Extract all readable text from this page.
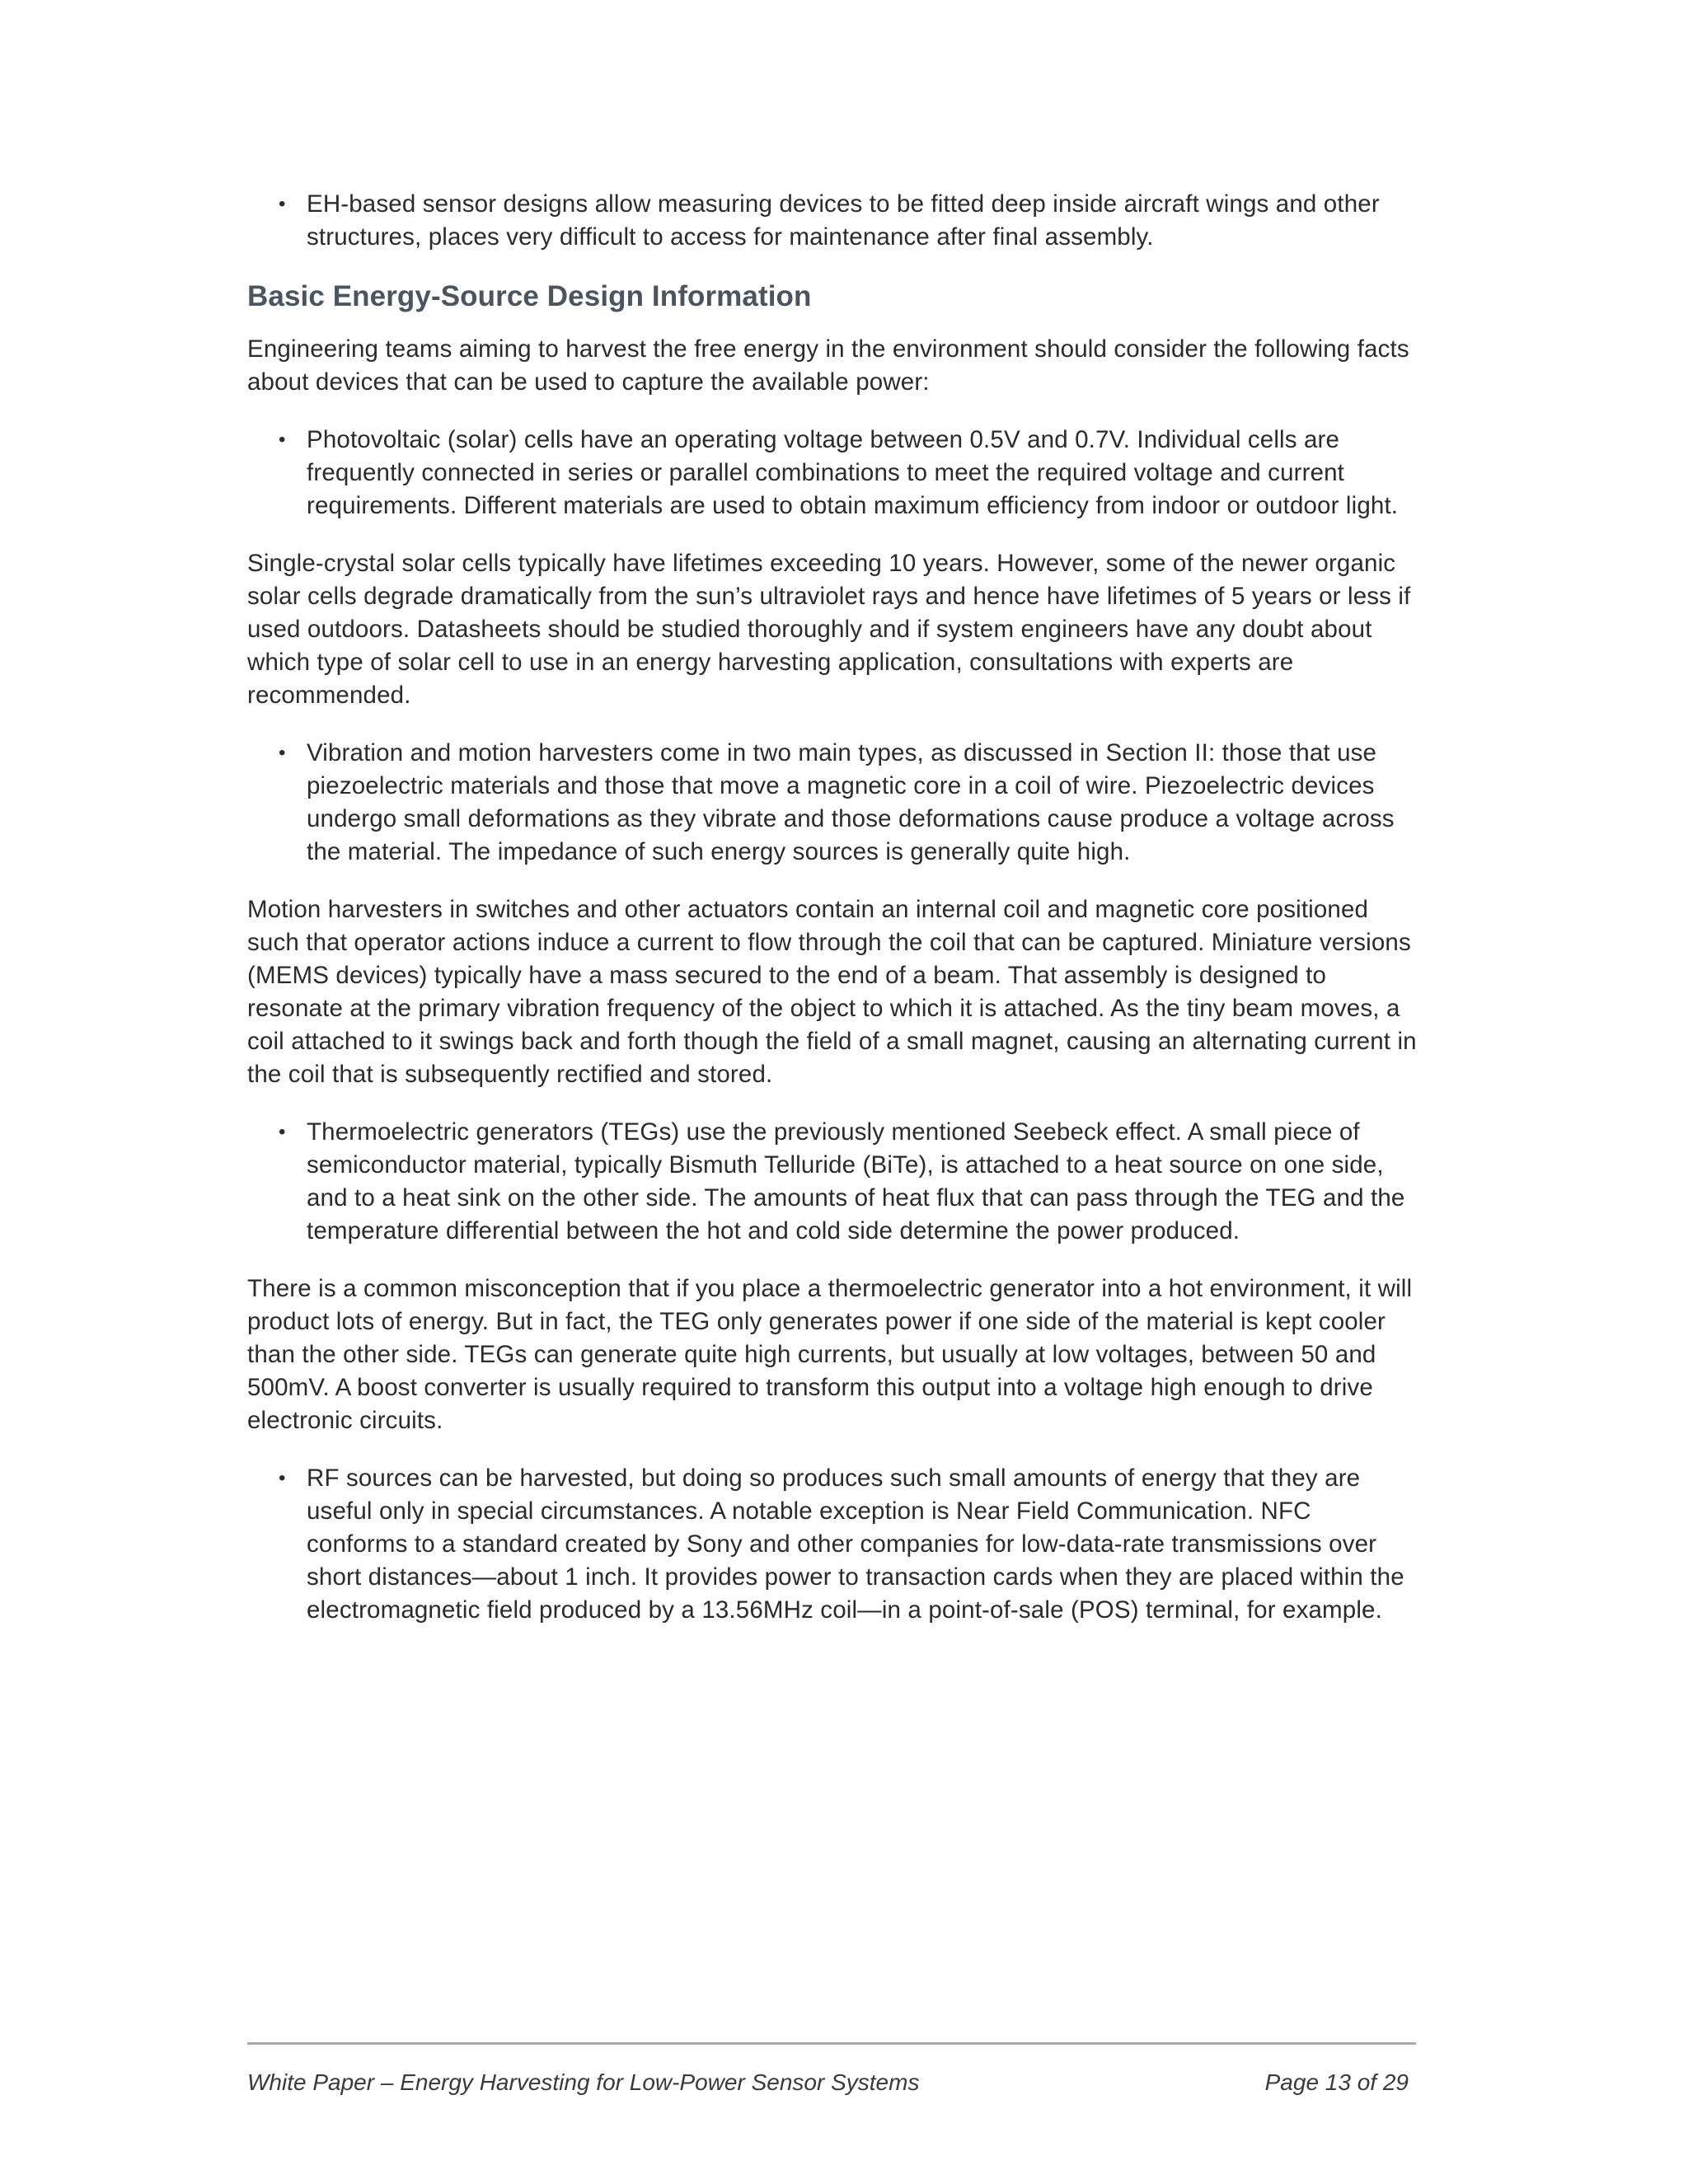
• EH-based sensor designs allow measuring devices to be fitted deep inside aircraft wings and other structures, places very difficult to access for maintenance after final assembly.
Basic Energy-Source Design Information

Engineering teams aiming to harvest the free energy in the environment should consider the following facts about devices that can be used to capture the available power:

• Photovoltaic (solar) cells have an operating voltage between 0.5V and 0.7V. Individual cells are frequently connected in series or parallel combinations to meet the required voltage and current requirements. Different materials are used to obtain maximum efficiency from indoor or outdoor light.

Single-crystal solar cells typically have lifetimes exceeding 10 years. However, some of the newer organic solar cells degrade dramatically from the sun’s ultraviolet rays and hence have lifetimes of 5 years or less if used outdoors. Datasheets should be studied thoroughly and if system engineers have any doubt about which type of solar cell to use in an energy harvesting application, consultations with experts are recommended.

• Vibration and motion harvesters come in two main types, as discussed in Section II: those that use piezoelectric materials and those that move a magnetic core in a coil of wire. Piezoelectric devices undergo small deformations as they vibrate and those deformations cause produce a voltage across the material. The impedance of such energy sources is generally quite high.

Motion harvesters in switches and other actuators contain an internal coil and magnetic core positioned such that operator actions induce a current to flow through the coil that can be captured. Miniature versions (MEMS devices) typically have a mass secured to the end of a beam. That assembly is designed to resonate at the primary vibration frequency of the object to which it is attached. As the tiny beam moves, a coil attached to it swings back and forth though the field of a small magnet, causing an alternating current in the coil that is subsequently rectified and stored.

• Thermoelectric generators (TEGs) use the previously mentioned Seebeck effect. A small piece of semiconductor material, typically Bismuth Telluride (BiTe), is attached to a heat source on one side, and to a heat sink on the other side. The amounts of heat flux that can pass through the TEG and the temperature differential between the hot and cold side determine the power produced.

There is a common misconception that if you place a thermoelectric generator into a hot environment, it will product lots of energy. But in fact, the TEG only generates power if one side of the material is kept cooler than the other side. TEGs can generate quite high currents, but usually at low voltages, between 50 and 500mV. A boost converter is usually required to transform this output into a voltage high enough to drive electronic circuits.

• RF sources can be harvested, but doing so produces such small amounts of energy that they are useful only in special circumstances. A notable exception is Near Field Communication. NFC conforms to a standard created by Sony and other companies for low-data-rate transmissions over short distances—about 1 inch. It provides power to transaction cards when they are placed within the electromagnetic field produced by a 13.56MHz coil—in a point-of-sale (POS) terminal, for example.
White Paper – Energy Harvesting for Low-Power Sensor Systems	Page 13 of 29
